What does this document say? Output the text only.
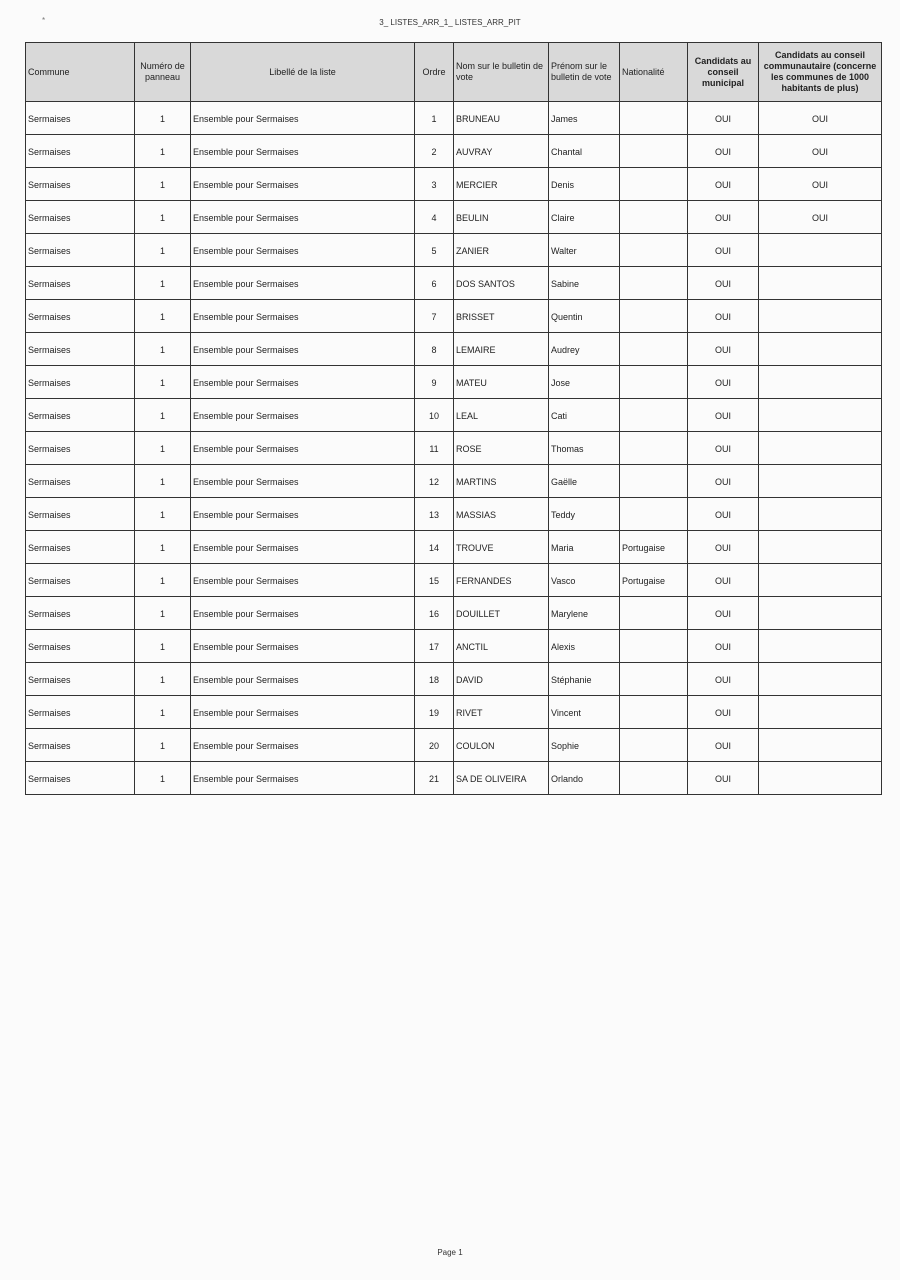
*	3_ LISTES_ARR_1_ LISTES_ARR_PIT
Commune	Numéro de panneau	Libellé de la liste	Ordre	Nom sur le bulletin de vote	Prénom sur le bulletin de vote	Nationalité	Candidats au conseil municipal	Candidats au conseil communautaire (concerne les communes de 1000 habitants de plus)
Sermaises	1	Ensemble pour Sermaises	1	BRUNEAU	James		OUI	OUI
Sermaises	1	Ensemble pour Sermaises	2	AUVRAY	Chantal		OUI	OUI
Sermaises	1	Ensemble pour Sermaises	3	MERCIER	Denis		OUI	OUI
Sermaises	1	Ensemble pour Sermaises	4	BEULIN	Claire		OUI	OUI
Sermaises	1	Ensemble pour Sermaises	5	ZANIER	Walter		OUI	
Sermaises	1	Ensemble pour Sermaises	6	DOS SANTOS	Sabine		OUI	
Sermaises	1	Ensemble pour Sermaises	7	BRISSET	Quentin		OUI	
Sermaises	1	Ensemble pour Sermaises	8	LEMAIRE	Audrey		OUI	
Sermaises	1	Ensemble pour Sermaises	9	MATEU	Jose		OUI	
Sermaises	1	Ensemble pour Sermaises	10	LEAL	Cati		OUI	
Sermaises	1	Ensemble pour Sermaises	11	ROSE	Thomas		OUI	
Sermaises	1	Ensemble pour Sermaises	12	MARTINS	Gaëlle		OUI	
Sermaises	1	Ensemble pour Sermaises	13	MASSIAS	Teddy		OUI	
Sermaises	1	Ensemble pour Sermaises	14	TROUVE	Maria	Portugaise	OUI	
Sermaises	1	Ensemble pour Sermaises	15	FERNANDES	Vasco	Portugaise	OUI	
Sermaises	1	Ensemble pour Sermaises	16	DOUILLET	Marylene		OUI	
Sermaises	1	Ensemble pour Sermaises	17	ANCTIL	Alexis		OUI	
Sermaises	1	Ensemble pour Sermaises	18	DAVID	Stéphanie		OUI	
Sermaises	1	Ensemble pour Sermaises	19	RIVET	Vincent		OUI	
Sermaises	1	Ensemble pour Sermaises	20	COULON	Sophie		OUI	
Sermaises	1	Ensemble pour Sermaises	21	SA DE OLIVEIRA	Orlando		OUI	
Page 1
